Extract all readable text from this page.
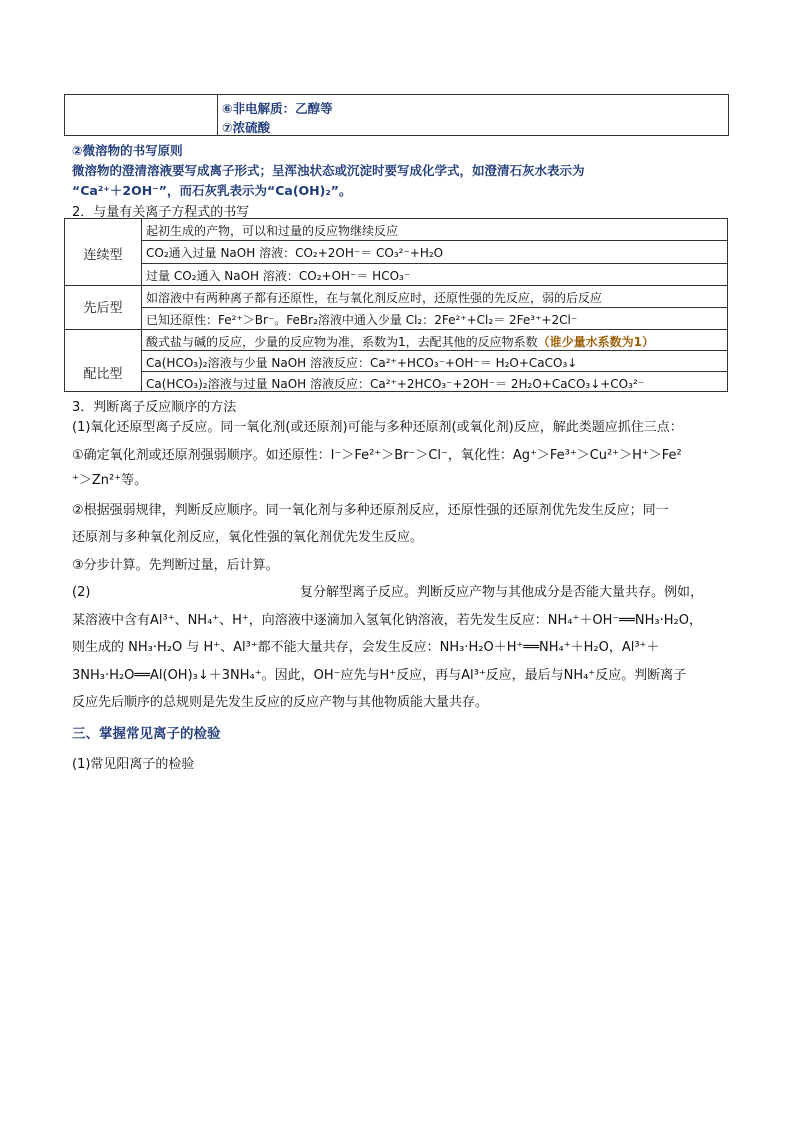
⑥非电解质：乙醇等
⑦浓硫酸
②微溶物的书写原则
微溶物的澄清溶液要写成离子形式；呈浑浊状态或沉淀时要写成化学式，如澄清石灰水表示为
“Ca²⁺＋2OH⁻”，而石灰乳表示为“Ca(OH)₂”。
2．与量有关离子方程式的书写
连续型
起初生成的产物，可以和过量的反应物继续反应
CO₂通入过量 NaOH 溶液：CO₂+2OH⁻＝ CO₃²⁻+H₂O
过量 CO₂通入 NaOH 溶液：CO₂+OH⁻＝ HCO₃⁻
先后型
如溶液中有两种离子都有还原性，在与氧化剂反应时，还原性强的先反应，弱的后反应
已知还原性：Fe²⁺＞Br⁻。FeBr₂溶液中通入少量 Cl₂：2Fe²⁺+Cl₂＝ 2Fe³⁺+2Cl⁻
配比型
酸式盐与碱的反应，少量的反应物为准，系数为1，去配其他的反应物系数（谁少量水系数为1）
Ca(HCO₃)₂溶液与少量 NaOH 溶液反应：Ca²⁺+HCO₃⁻+OH⁻＝ H₂O+CaCO₃↓
Ca(HCO₃)₂溶液与过量 NaOH 溶液反应：Ca²⁺+2HCO₃⁻+2OH⁻＝ 2H₂O+CaCO₃↓+CO₃²⁻
3．判断离子反应顺序的方法
(1)氧化还原型离子反应。同一氧化剂(或还原剂)可能与多种还原剂(或氧化剂)反应，解此类题应抓住三点：
①确定氧化剂或还原剂强弱顺序。如还原性：I⁻＞Fe²⁺＞Br⁻＞Cl⁻，氧化性：Ag⁺＞Fe³⁺＞Cu²⁺＞H⁺＞Fe²
⁺＞Zn²⁺等。
②根据强弱规律，判断反应顺序。同一氧化剂与多种还原剂反应，还原性强的还原剂优先发生反应；同一
还原剂与多种氧化剂反应，氧化性强的氧化剂优先发生反应。
③分步计算。先判断过量，后计算。
(2)	复分解型离子反应。判断反应产物与其他成分是否能大量共存。例如，
某溶液中含有Al³⁺、NH₄⁺、H⁺，向溶液中逐滴加入氢氧化钠溶液，若先发生反应：NH₄⁺＋OH⁻══NH₃·H₂O，
则生成的 NH₃·H₂O 与 H⁺、Al³⁺都不能大量共存，会发生反应：NH₃·H₂O＋H⁺══NH₄⁺＋H₂O，Al³⁺＋
3NH₃·H₂O══Al(OH)₃↓＋3NH₄⁺。因此，OH⁻应先与H⁺反应，再与Al³⁺反应，最后与NH₄⁺反应。判断离子
反应先后顺序的总规则是先发生反应的反应产物与其他物质能大量共存。
三、掌握常见离子的检验
(1)常见阳离子的检验
